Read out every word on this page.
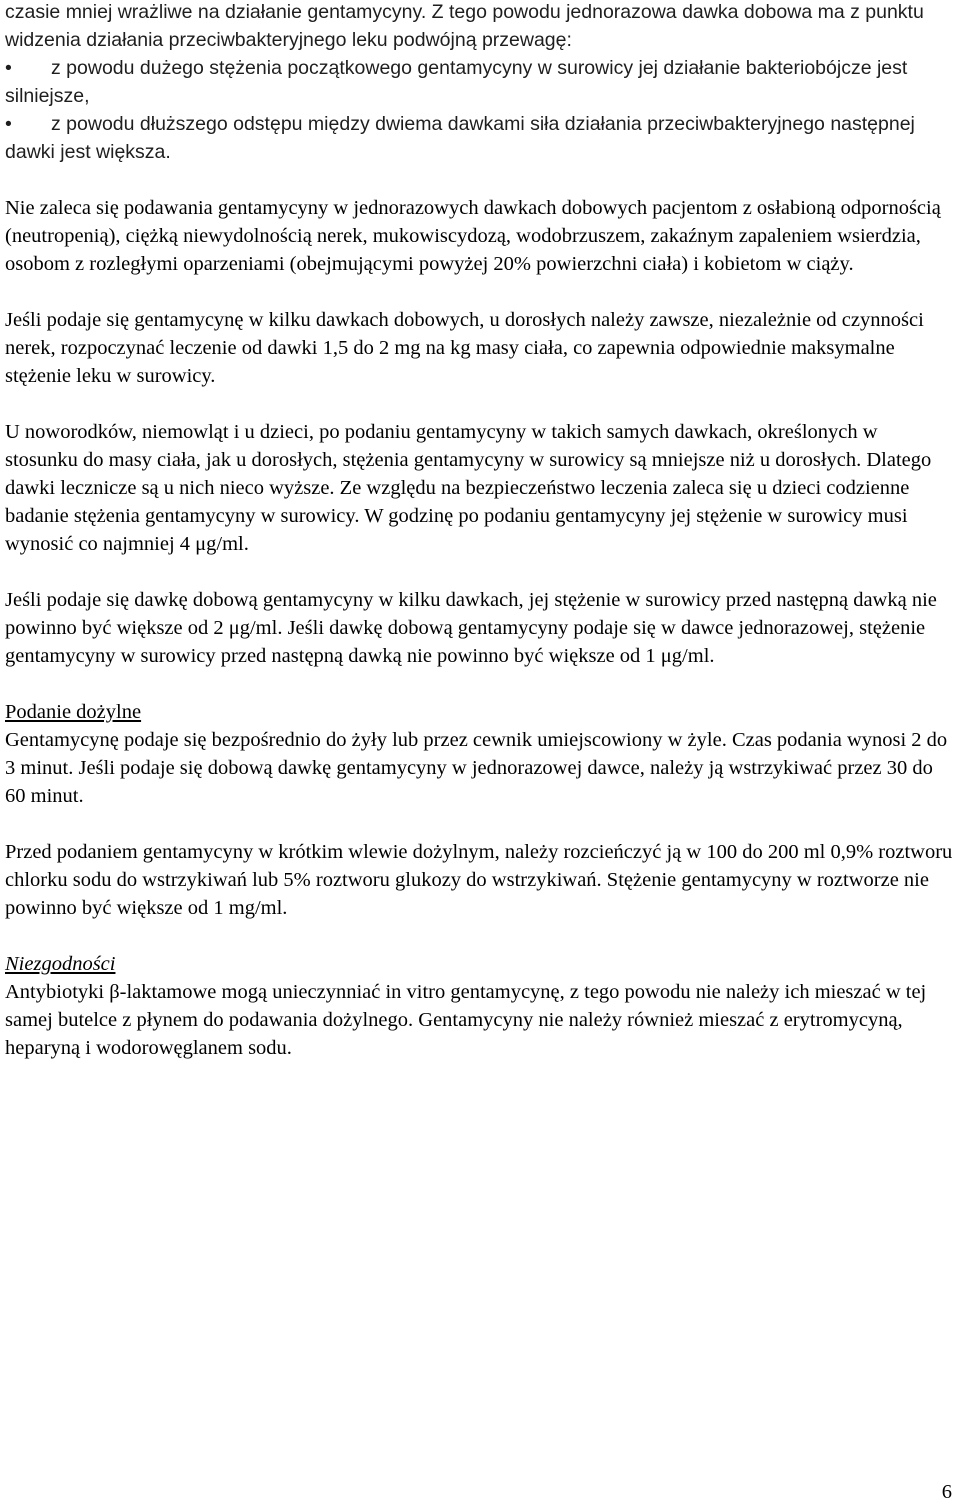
czasie mniej wrażliwe na działanie gentamycyny. Z tego powodu jednorazowa dawka dobowa ma z punktu widzenia działania przeciwbakteryjnego leku podwójną przewagę:

• z powodu dużego stężenia początkowego gentamycyny w surowicy jej działanie bakteriobójcze jest silniejsze,

• z powodu dłuższego odstępu między dwiema dawkami siła działania przeciwbakteryjnego następnej dawki jest większa.

Nie zaleca się podawania gentamycyny w jednorazowych dawkach dobowych pacjentom z osłabioną odpornością (neutropenią), ciężką niewydolnością nerek, mukowiscydozą, wodobrzuszem, zakaźnym zapaleniem wsierdzia, osobom z rozległymi oparzeniami (obejmującymi powyżej 20% powierzchni ciała) i kobietom w ciąży.

Jeśli podaje się gentamycynę w kilku dawkach dobowych, u dorosłych należy zawsze, niezależnie od czynności nerek, rozpoczynać leczenie od dawki 1,5 do 2 mg na kg masy ciała, co zapewnia odpowiednie maksymalne stężenie leku w surowicy.

U noworodków, niemowląt i u dzieci, po podaniu gentamycyny w takich samych dawkach, określonych w stosunku do masy ciała, jak u dorosłych, stężenia gentamycyny w surowicy są mniejsze niż u dorosłych. Dlatego dawki lecznicze są u nich nieco wyższe. Ze względu na bezpieczeństwo leczenia zaleca się u dzieci codzienne badanie stężenia gentamycyny w surowicy. W godzinę po podaniu gentamycyny jej stężenie w surowicy musi wynosić co najmniej 4 μg/ml.

Jeśli podaje się dawkę dobową gentamycyny w kilku dawkach, jej stężenie w surowicy przed następną dawką nie powinno być większe od 2 μg/ml. Jeśli dawkę dobową gentamycyny podaje się w dawce jednorazowej, stężenie gentamycyny w surowicy przed następną dawką nie powinno być większe od 1 μg/ml.

Podanie dożylne

Gentamycynę podaje się bezpośrednio do żyły lub przez cewnik umiejscowiony w żyle. Czas podania wynosi 2 do 3 minut. Jeśli podaje się dobową dawkę gentamycyny w jednorazowej dawce, należy ją wstrzykiwać przez 30 do 60 minut.

Przed podaniem gentamycyny w krótkim wlewie dożylnym, należy rozcieńczyć ją w 100 do 200 ml 0,9% roztworu chlorku sodu do wstrzykiwań lub 5% roztworu glukozy do wstrzykiwań. Stężenie gentamycyny w roztworze nie powinno być większe od 1 mg/ml.

Niezgodności

Antybiotyki β-laktamowe mogą unieczynniać in vitro gentamycynę, z tego powodu nie należy ich mieszać w tej samej butelce z płynem do podawania dożylnego. Gentamycyny nie należy również mieszać z erytromycyną, heparyną i wodorowęglanem sodu.

6
